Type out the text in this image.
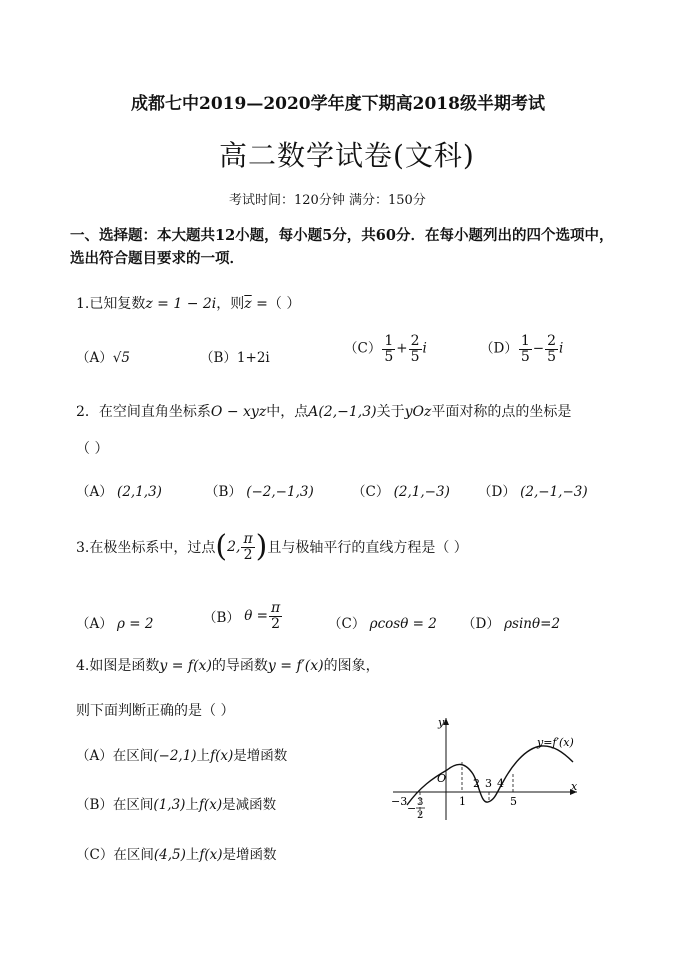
成都七中2019—2020学年度下期高2018级半期考试
高二数学试卷(文科)
考试时间：120分钟 满分：150分
一、选择题：本大题共12小题，每小题5分，共60分．在每小题列出的四个选项中，
选出符合题目要求的一项．
1.已知复数z = 1 − 2i，则$\overline{z}$ =（ ）
（A）√5	（B）1+2i
$(C) \frac{1}{5} + \frac{2}{5}$ i	$(D) \frac{1}{5} - \frac{2}{5}$ i
2．在空间直角坐标系O − xyz中，点A(2,−1,3)关于yOz平面对称的点的坐标是
（ ）
（A） (2,1,3)	（B） (−2,−1,3)	（C） (2,1,−3) （D） (2,−1,−3)
3.在极坐标系中，过点 ( 2, $\frac{\pi}{2}$ ) 且与极轴平行的直线方程是（ ）
（A） ρ = 2	（B）
$\theta = \frac{\pi}{2}$	（C） ρcosθ = 2 （D） ρsinθ=2
4.如图是函数y = f(x)的导函数y = f′(x)的图象，
则下面判断正确的是（ ）
（A）在区间(−2,1)上f(x)是增函数
（B）在区间(1,3)上f(x)是减函数
（C）在区间(4,5)上f(x)是增函数
y
x
y=f′(x)
O
−3
− 3
2
1
2 3 4
5
